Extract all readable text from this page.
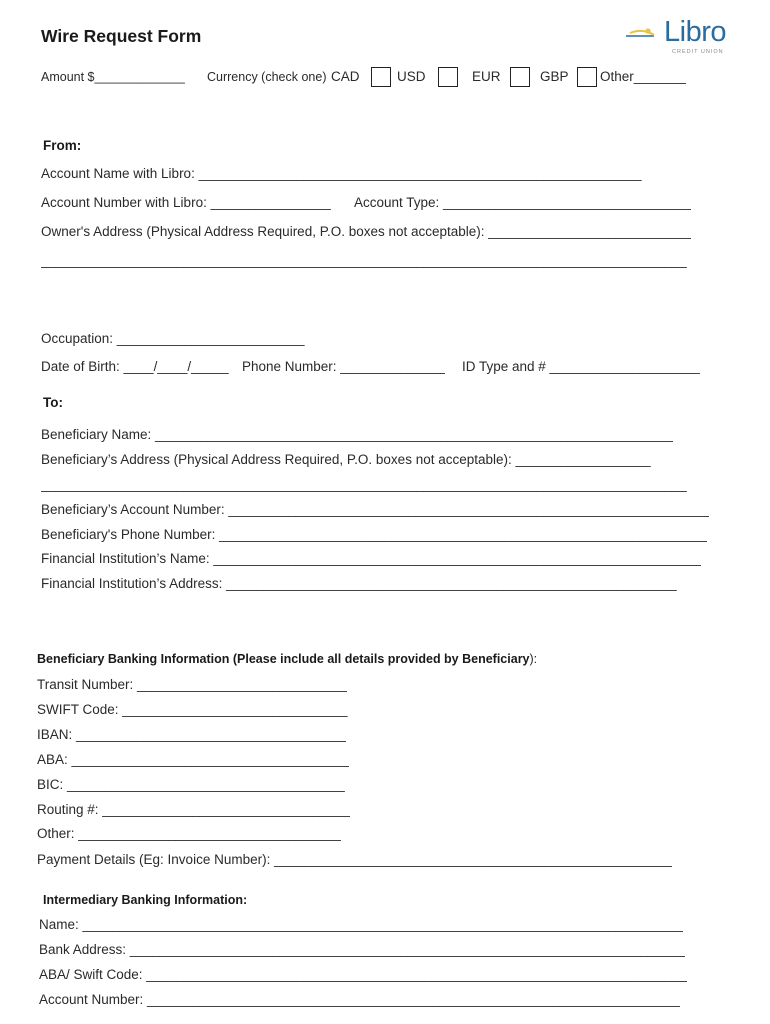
Wire Request Form	Libro
CREDIT UNION
Amount $_____________ Currency (check one) CAD	USD	EUR	GBP Other_______
From:
Account Name with Libro: ___________________________________________________________
Account Number with Libro: ________________ Account Type: _________________________________
Owner's Address (Physical Address Required, P.O. boxes not acceptable): ___________________________
______________________________________________________________________________________
Occupation: _________________________
Date of Birth: ____/____/_____ Phone Number: ______________ ID Type and # ____________________
To:
Beneficiary Name: _____________________________________________________________________
Beneficiary’s Address (Physical Address Required, P.O. boxes not acceptable): __________________
______________________________________________________________________________________
Beneficiary’s Account Number: ________________________________________________________________
Beneficiary's Phone Number: _________________________________________________________________
Financial Institution’s Name: _________________________________________________________________
Financial Institution’s Address: ____________________________________________________________
Beneficiary Banking Information (Please include all details provided by Beneficiary):
Transit Number: ____________________________
SWIFT Code: ______________________________
IBAN: ____________________________________
ABA: _____________________________________
BIC: _____________________________________
Routing #: _________________________________
Other: ___________________________________
Payment Details (Eg: Invoice Number): _____________________________________________________
Intermediary Banking Information:
Name: ________________________________________________________________________________
Bank Address: __________________________________________________________________________
ABA/ Swift Code: ________________________________________________________________________
Account Number: _______________________________________________________________________
